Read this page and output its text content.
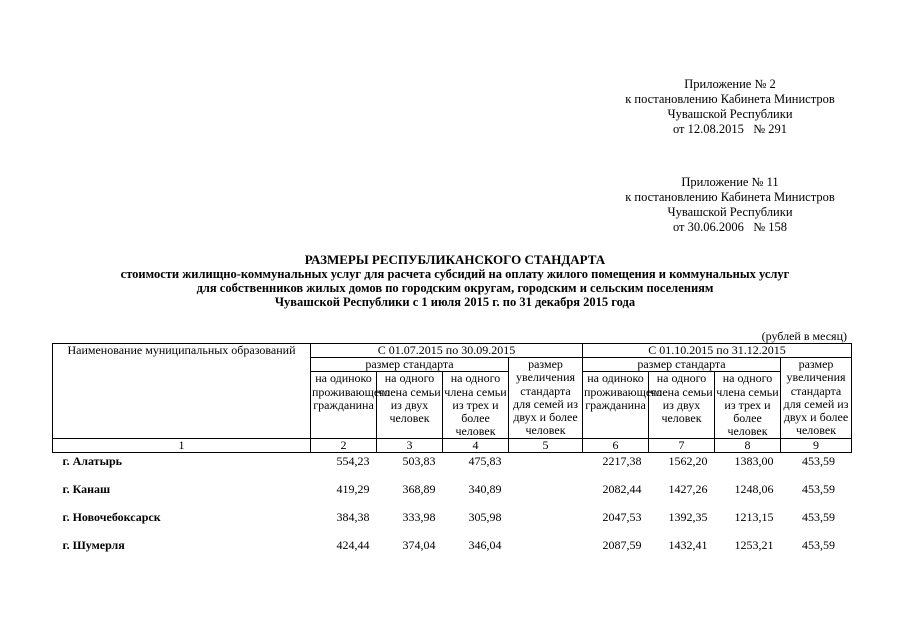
Приложение № 2
к постановлению Кабинета Министров
Чувашской Республики
от 12.08.2015   № 291
Приложение № 11
к постановлению Кабинета Министров
Чувашской Республики
от 30.06.2006   № 158
РАЗМЕРЫ РЕСПУБЛИКАНСКОГО СТАНДАРТА
стоимости жилищно-коммунальных услуг для расчета субсидий на оплату жилого помещения и коммунальных услуг
для собственников жилых домов по городским округам, городским и сельским поселениям
Чувашской Республики с 1 июля 2015 г. по 31 декабря 2015 года
(рублей в месяц)
Наименование муниципальных образований	С 01.07.2015 по 30.09.2015				С 01.10.2015 по 31.12.2015			
	размер стандарта			размер увеличения стандарта для семей из двух и более человек	размер стандарта			размер увеличения стандарта для семей из двух и более человек
	на одиноко проживающего гражданина	на одного члена семьи из двух человек	на одного члена семьи из трех и более человек		на одиноко проживающего гражданина	на одного члена семьи из двух человек	на одного члена семьи из трех и более человек	
1	2	3	4	5	6	7	8	9
г. Алатырь	554,23	503,83	475,83		2217,38	1562,20	1383,00	453,59
г. Канаш	419,29	368,89	340,89		2082,44	1427,26	1248,06	453,59
г. Новочебоксарск	384,38	333,98	305,98		2047,53	1392,35	1213,15	453,59
г. Шумерля	424,44	374,04	346,04		2087,59	1432,41	1253,21	453,59
